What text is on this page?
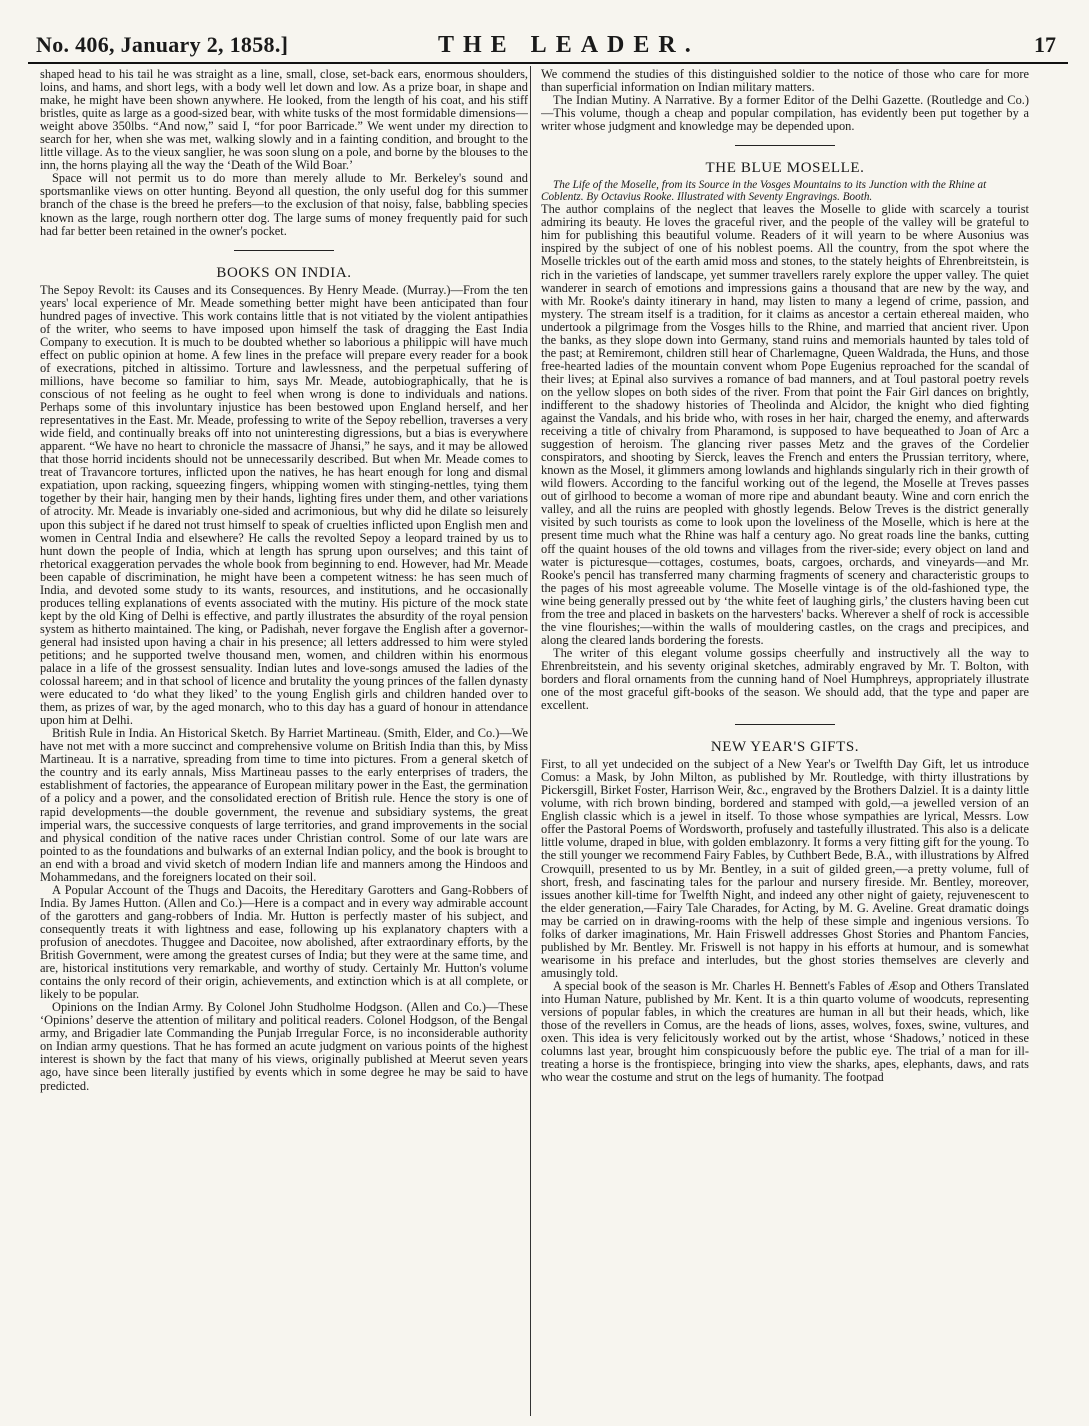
No. 406, January 2, 1858.]	THE LEADER.	17

shaped head to his tail he was straight as a line, small, close, set-back ears, enormous shoulders, loins, and hams, and short legs, with a body well let down and low. As a prize boar, in shape and make, he might have been shown anywhere. He looked, from the length of his coat, and his stiff bristles, quite as large as a good-sized bear, with white tusks of the most formidable dimensions—weight above 350lbs. “And now,” said I, “for poor Barricade.” We went under my direction to search for her, when she was met, walking slowly and in a fainting condition, and brought to the little village. As to the vieux sanglier, he was soon slung on a pole, and borne by the blouses to the inn, the horns playing all the way the ‘Death of the Wild Boar.’

Space will not permit us to do more than merely allude to Mr. Berkeley's sound and sportsmanlike views on otter hunting. Beyond all question, the only useful dog for this summer branch of the chase is the breed he prefers—to the exclusion of that noisy, false, babbling species known as the large, rough northern otter dog. The large sums of money frequently paid for such had far better been retained in the owner's pocket.

BOOKS ON INDIA.

The Sepoy Revolt: its Causes and its Consequences. By Henry Meade. (Murray.)—From the ten years' local experience of Mr. Meade something better might have been anticipated than four hundred pages of invective. This work contains little that is not vitiated by the violent antipathies of the writer, who seems to have imposed upon himself the task of dragging the East India Company to execution. It is much to be doubted whether so laborious a philippic will have much effect on public opinion at home. A few lines in the preface will prepare every reader for a book of execrations, pitched in altissimo. Torture and lawlessness, and the perpetual suffering of millions, have become so familiar to him, says Mr. Meade, autobiographically, that he is conscious of not feeling as he ought to feel when wrong is done to individuals and nations. Perhaps some of this involuntary injustice has been bestowed upon England herself, and her representatives in the East. Mr. Meade, professing to write of the Sepoy rebellion, traverses a very wide field, and continually breaks off into not uninteresting digressions, but a bias is everywhere apparent. “We have no heart to chronicle the massacre of Jhansi,” he says, and it may be allowed that those horrid incidents should not be unnecessarily described. But when Mr. Meade comes to treat of Travancore tortures, inflicted upon the natives, he has heart enough for long and dismal expatiation, upon racking, squeezing fingers, whipping women with stinging-nettles, tying them together by their hair, hanging men by their hands, lighting fires under them, and other variations of atrocity. Mr. Meade is invariably one-sided and acrimonious, but why did he dilate so leisurely upon this subject if he dared not trust himself to speak of cruelties inflicted upon English men and women in Central India and elsewhere? He calls the revolted Sepoy a leopard trained by us to hunt down the people of India, which at length has sprung upon ourselves; and this taint of rhetorical exaggeration pervades the whole book from beginning to end. However, had Mr. Meade been capable of discrimination, he might have been a competent witness: he has seen much of India, and devoted some study to its wants, resources, and institutions, and he occasionally produces telling explanations of events associated with the mutiny. His picture of the mock state kept by the old King of Delhi is effective, and partly illustrates the absurdity of the royal pension system as hitherto maintained. The king, or Padishah, never forgave the English after a governor-general had insisted upon having a chair in his presence; all letters addressed to him were styled petitions; and he supported twelve thousand men, women, and children within his enormous palace in a life of the grossest sensuality. Indian lutes and love-songs amused the ladies of the colossal hareem; and in that school of licence and brutality the young princes of the fallen dynasty were educated to ‘do what they liked’ to the young English girls and children handed over to them, as prizes of war, by the aged monarch, who to this day has a guard of honour in attendance upon him at Delhi.

British Rule in India. An Historical Sketch. By Harriet Martineau. (Smith, Elder, and Co.)—We have not met with a more succinct and comprehensive volume on British India than this, by Miss Martineau. It is a narrative, spreading from time to time into pictures. From a general sketch of the country and its early annals, Miss Martineau passes to the early enterprises of traders, the establishment of factories, the appearance of European military power in the East, the germination of a policy and a power, and the consolidated erection of British rule. Hence the story is one of rapid developments—the double government, the revenue and subsidiary systems, the great imperial wars, the successive conquests of large territories, and grand improvements in the social and physical condition of the native races under Christian control. Some of our late wars are pointed to as the foundations and bulwarks of an external Indian policy, and the book is brought to an end with a broad and vivid sketch of modern Indian life and manners among the Hindoos and Mohammedans, and the foreigners located on their soil.

A Popular Account of the Thugs and Dacoits, the Hereditary Garotters and Gang-Robbers of India. By James Hutton. (Allen and Co.)—Here is a compact and in every way admirable account of the garotters and gang-robbers of India. Mr. Hutton is perfectly master of his subject, and consequently treats it with lightness and ease, following up his explanatory chapters with a profusion of anecdotes. Thuggee and Dacoitee, now abolished, after extraordinary efforts, by the British Government, were among the greatest curses of India; but they were at the same time, and are, historical institutions very remarkable, and worthy of study. Certainly Mr. Hutton's volume contains the only record of their origin, achievements, and extinction which is at all complete, or likely to be popular.

Opinions on the Indian Army. By Colonel John Studholme Hodgson. (Allen and Co.)—These ‘Opinions’ deserve the attention of military and political readers. Colonel Hodgson, of the Bengal army, and Brigadier late Commanding the Punjab Irregular Force, is no inconsiderable authority on Indian army questions. That he has formed an acute judgment on various points of the highest interest is shown by the fact that many of his views, originally published at Meerut seven years ago, have since been literally justified by events which in some degree he may be said to have predicted.

We commend the studies of this distinguished soldier to the notice of those who care for more than superficial information on Indian military matters.

The Indian Mutiny. A Narrative. By a former Editor of the Delhi Gazette. (Routledge and Co.)—This volume, though a cheap and popular compilation, has evidently been put together by a writer whose judgment and knowledge may be depended upon.

THE BLUE MOSELLE.

The Life of the Moselle, from its Source in the Vosges Mountains to its Junction with the Rhine at Coblentz. By Octavius Rooke. Illustrated with Seventy Engravings. Booth.

The author complains of the neglect that leaves the Moselle to glide with scarcely a tourist admiring its beauty. He loves the graceful river, and the people of the valley will be grateful to him for publishing this beautiful volume. Readers of it will yearn to be where Ausonius was inspired by the subject of one of his noblest poems. All the country, from the spot where the Moselle trickles out of the earth amid moss and stones, to the stately heights of Ehrenbreitstein, is rich in the varieties of landscape, yet summer travellers rarely explore the upper valley. The quiet wanderer in search of emotions and impressions gains a thousand that are new by the way, and with Mr. Rooke's dainty itinerary in hand, may listen to many a legend of crime, passion, and mystery. The stream itself is a tradition, for it claims as ancestor a certain ethereal maiden, who undertook a pilgrimage from the Vosges hills to the Rhine, and married that ancient river. Upon the banks, as they slope down into Germany, stand ruins and memorials haunted by tales told of the past; at Remiremont, children still hear of Charlemagne, Queen Waldrada, the Huns, and those free-hearted ladies of the mountain convent whom Pope Eugenius reproached for the scandal of their lives; at Epinal also survives a romance of bad manners, and at Toul pastoral poetry revels on the yellow slopes on both sides of the river. From that point the Fair Girl dances on brightly, indifferent to the shadowy histories of Theolinda and Alcidor, the knight who died fighting against the Vandals, and his bride who, with roses in her hair, charged the enemy, and afterwards receiving a title of chivalry from Pharamond, is supposed to have bequeathed to Joan of Arc a suggestion of heroism. The glancing river passes Metz and the graves of the Cordelier conspirators, and shooting by Sierck, leaves the French and enters the Prussian territory, where, known as the Mosel, it glimmers among lowlands and highlands singularly rich in their growth of wild flowers. According to the fanciful working out of the legend, the Moselle at Treves passes out of girlhood to become a woman of more ripe and abundant beauty. Wine and corn enrich the valley, and all the ruins are peopled with ghostly legends. Below Treves is the district generally visited by such tourists as come to look upon the loveliness of the Moselle, which is here at the present time much what the Rhine was half a century ago. No great roads line the banks, cutting off the quaint houses of the old towns and villages from the river-side; every object on land and water is picturesque—cottages, costumes, boats, cargoes, orchards, and vineyards—and Mr. Rooke's pencil has transferred many charming fragments of scenery and characteristic groups to the pages of his most agreeable volume. The Moselle vintage is of the old-fashioned type, the wine being generally pressed out by ‘the white feet of laughing girls,’ the clusters having been cut from the tree and placed in baskets on the harvesters' backs. Wherever a shelf of rock is accessible the vine flourishes;—within the walls of mouldering castles, on the crags and precipices, and along the cleared lands bordering the forests.

The writer of this elegant volume gossips cheerfully and instructively all the way to Ehrenbreitstein, and his seventy original sketches, admirably engraved by Mr. T. Bolton, with borders and floral ornaments from the cunning hand of Noel Humphreys, appropriately illustrate one of the most graceful gift-books of the season. We should add, that the type and paper are excellent.

NEW YEAR'S GIFTS.

First, to all yet undecided on the subject of a New Year's or Twelfth Day Gift, let us introduce Comus: a Mask, by John Milton, as published by Mr. Routledge, with thirty illustrations by Pickersgill, Birket Foster, Harrison Weir, &c., engraved by the Brothers Dalziel. It is a dainty little volume, with rich brown binding, bordered and stamped with gold,—a jewelled version of an English classic which is a jewel in itself. To those whose sympathies are lyrical, Messrs. Low offer the Pastoral Poems of Wordsworth, profusely and tastefully illustrated. This also is a delicate little volume, draped in blue, with golden emblazonry. It forms a very fitting gift for the young. To the still younger we recommend Fairy Fables, by Cuthbert Bede, B.A., with illustrations by Alfred Crowquill, presented to us by Mr. Bentley, in a suit of gilded green,—a pretty volume, full of short, fresh, and fascinating tales for the parlour and nursery fireside. Mr. Bentley, moreover, issues another kill-time for Twelfth Night, and indeed any other night of gaiety, rejuvenescent to the elder generation,—Fairy Tale Charades, for Acting, by M. G. Aveline. Great dramatic doings may be carried on in drawing-rooms with the help of these simple and ingenious versions. To folks of darker imaginations, Mr. Hain Friswell addresses Ghost Stories and Phantom Fancies, published by Mr. Bentley. Mr. Friswell is not happy in his efforts at humour, and is somewhat wearisome in his preface and interludes, but the ghost stories themselves are cleverly and amusingly told.

A special book of the season is Mr. Charles H. Bennett's Fables of Æsop and Others Translated into Human Nature, published by Mr. Kent. It is a thin quarto volume of woodcuts, representing versions of popular fables, in which the creatures are human in all but their heads, which, like those of the revellers in Comus, are the heads of lions, asses, wolves, foxes, swine, vultures, and oxen. This idea is very felicitously worked out by the artist, whose ‘Shadows,’ noticed in these columns last year, brought him conspicuously before the public eye. The trial of a man for ill-treating a horse is the frontispiece, bringing into view the sharks, apes, elephants, daws, and rats who wear the costume and strut on the legs of humanity. The footpad
